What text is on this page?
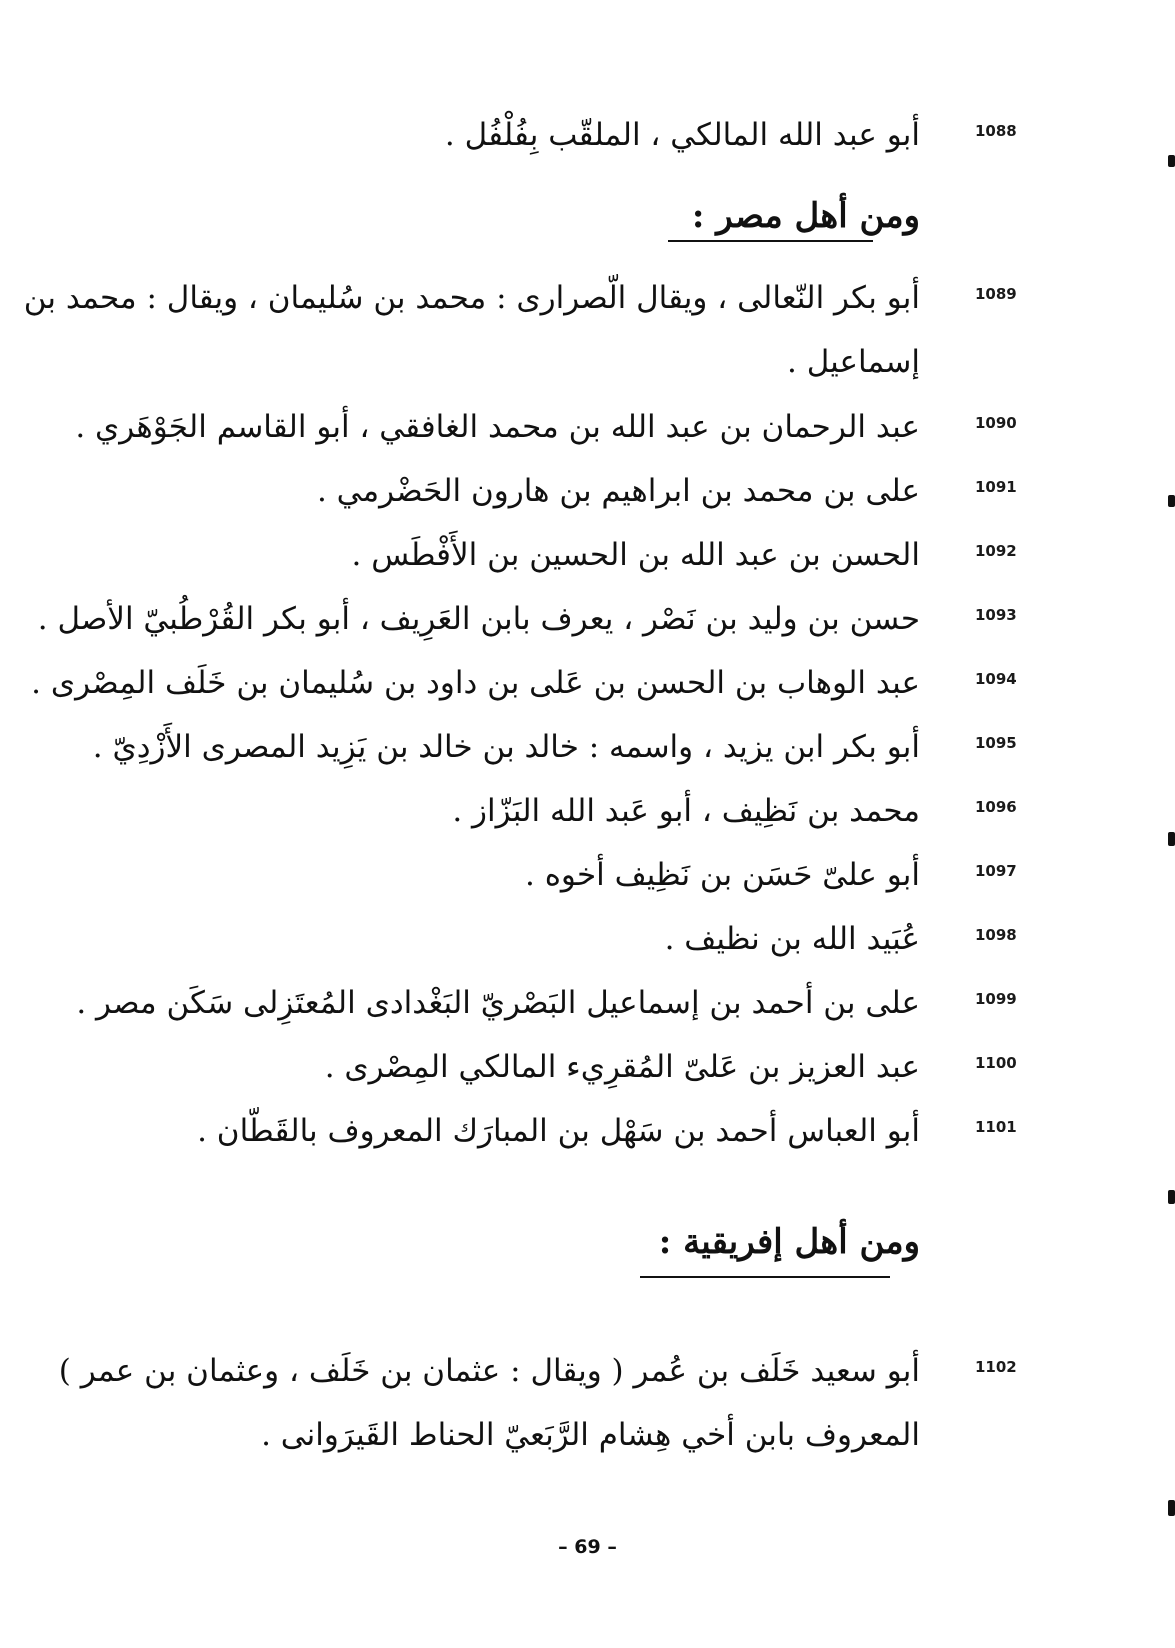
1088
أبو عبد الله المالكي ، الملقّب بِفُلْفُل .
ومن أهل مصر :
1089
أبو بكر النّعالى ، ويقال الّصرارى : محمد بن سُليمان ، ويقال : محمد بن
إسماعيل .
1090
عبد الرحمان بن عبد الله بن محمد الغافقي ، أبو القاسم الجَوْهَري .
1091
على بن محمد بن ابراهيم بن هارون الحَضْرمي .
1092
الحسن بن عبد الله بن الحسين بن الأَفْطَس .
1093
حسن بن وليد بن نَصْر ، يعرف بابن العَرِيف ، أبو بكر القُرْطُبيّ الأصل .
1094
عبد الوهاب بن الحسن بن عَلى بن داود بن سُليمان بن خَلَف المِصْرى .
1095
أبو بكر ابن يزيد ، واسمه : خالد بن خالد بن يَزِيد المصرى الأَزْدِيّ .
1096
محمد بن نَظِيف ، أبو عَبد الله البَزّاز .
1097
أبو علىّ حَسَن بن نَظِيف أخوه .
1098
عُبَيد الله بن نظيف .
1099
على بن أحمد بن إسماعيل البَصْريّ البَغْدادى المُعتَزِلى سَكَن مصر .
1100
عبد العزيز بن عَلىّ المُقرِيء المالكي المِصْرى .
1101
أبو العباس أحمد بن سَهْل بن المبارَك المعروف بالقَطّان .
ومن أهل إفريقية :
1102
أبو سعيد خَلَف بن عُمر ( ويقال : عثمان بن خَلَف ، وعثمان بن عمر )
المعروف بابن أخي هِشام الرَّبَعيّ الحناط القَيرَوانى .
– 69 –
